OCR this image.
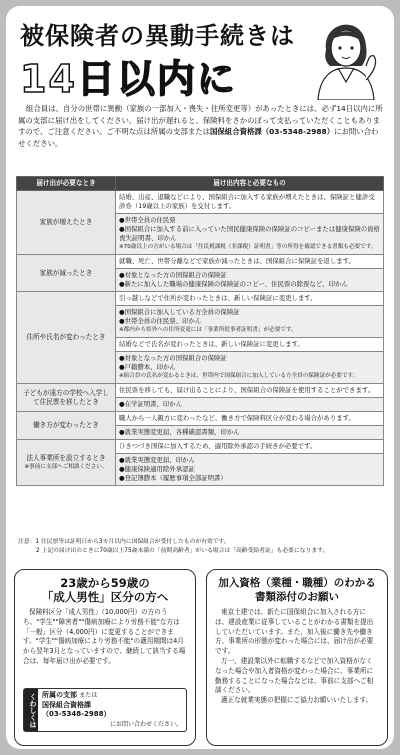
被保険者の異動手続きは
14日以内に
組合員は、自分の世帯に異動（家族の一部加入・喪失・住所変更等）があったときには、必ず14日以内に所属の支部に届け出をしてください。届け出が遅れると、保険料をさかのぼって支払っていただくこともありますので、ご注意ください。ご不明な点は所属の支部または国保組合資格課（03-5348-2988）にお問い合わせください。
届け出が必要なとき	届け出内容と必要なもの
家族が増えたとき	結婚、出産、退職などにより、国保組合に加入する家族が増えたときは、保険証と健診受診券（19歳以上の家族）を交付します。

	●世帯全員の住民票
●国保組合に加入する前に入っていた国民健康保険の保険証のコピーまたは健康保険の資格喪失証明書、印かん
※70歳以上の方がいる場合は「住民税課税（非課税）証明書」等の所得を確認できる書類も必要です。

家族が減ったとき	就職、死亡、世帯分離などで家族が減ったときは、国保組合に保険証を返します。

	●対象となった方の国保組合の保険証
●新たに加入した職場の健康保険の保険証のコピー、住民票の除票など、印かん

住所や氏名が変わったとき	引っ越しなどで住所が変わったときは、新しい保険証に変更します。

	●国保組合に加入している方全員の保険証
●世帯全員の住民票、印かん
※都内から県外への住所変更には「事業所従事者証明書」が必要です。

	結婚などで氏名が変わったときは、新しい保険証に変更します。

	●対象となった方の国保組合の保険証
●戸籍謄本、印かん
※組合員の氏名が変わるときは、世帯内で国保組合に加入している方全員の保険証が必要です。

子どもが遠方の学校へ入学して住民票を移したとき	住民票を移しても、届け出ることにより、国保組合の保険証を使用することができます。

	●在学証明書、印かん

働き方が変わったとき	職人から一人親方に変わったなど、働き方で保険料区分が変わる場合があります。

	●就業実態変更届、各種確認書類、印かん

法人事業所を設立するとき
※事前に支部へご相談ください。	ひきつづき国保に加入するため、適用除外承認の手続きが必要です。

	●就業実態変更届、印かん
●健康保険適用除外承認証
●登記簿謄本（履歴事項全部証明書）
注意：1 住民票等は証明日から3カ月以内に国保組合が受付したものが有効です。
2 上記の届け出のときに70歳以上75歳未満の「前期高齢者」がいる場合は「高齢受給者証」も必要になります。
23歳から59歳の
「成人男性」区分の方へ
保険料区分「成人男性」（10,000円）の方のうち、"学生""障害者""傷病加療により労務不能"な方は「一般」区分（4,000円）に変更することができます。"学生""傷病加療により労務不能"の適用期間は4月から翌年3月となっていますので、継続して該当する場合は、毎年届け出が必要です。
くわしくは 所属の支部 または
国保組合資格課
（03-5348-2988）
にお問い合わせください。
加入資格（業種・職種）のわかる
書類添付のお願い
東京土建では、新たに国保組合に加入される方には、建設産業に従事していることがわかる書類を提出していただいています。また、加入後に働き先や働き方、事業所の形態が変わった場合には、届け出が必要です。
万一、建設業以外に転職するなどで加入資格がなくなった場合や加入者資格が変わった場合に、事業所に勤務することになった場合などは、事前に支部へご相談ください。
適正な就業実態の把握にご協力お願いいたします。
